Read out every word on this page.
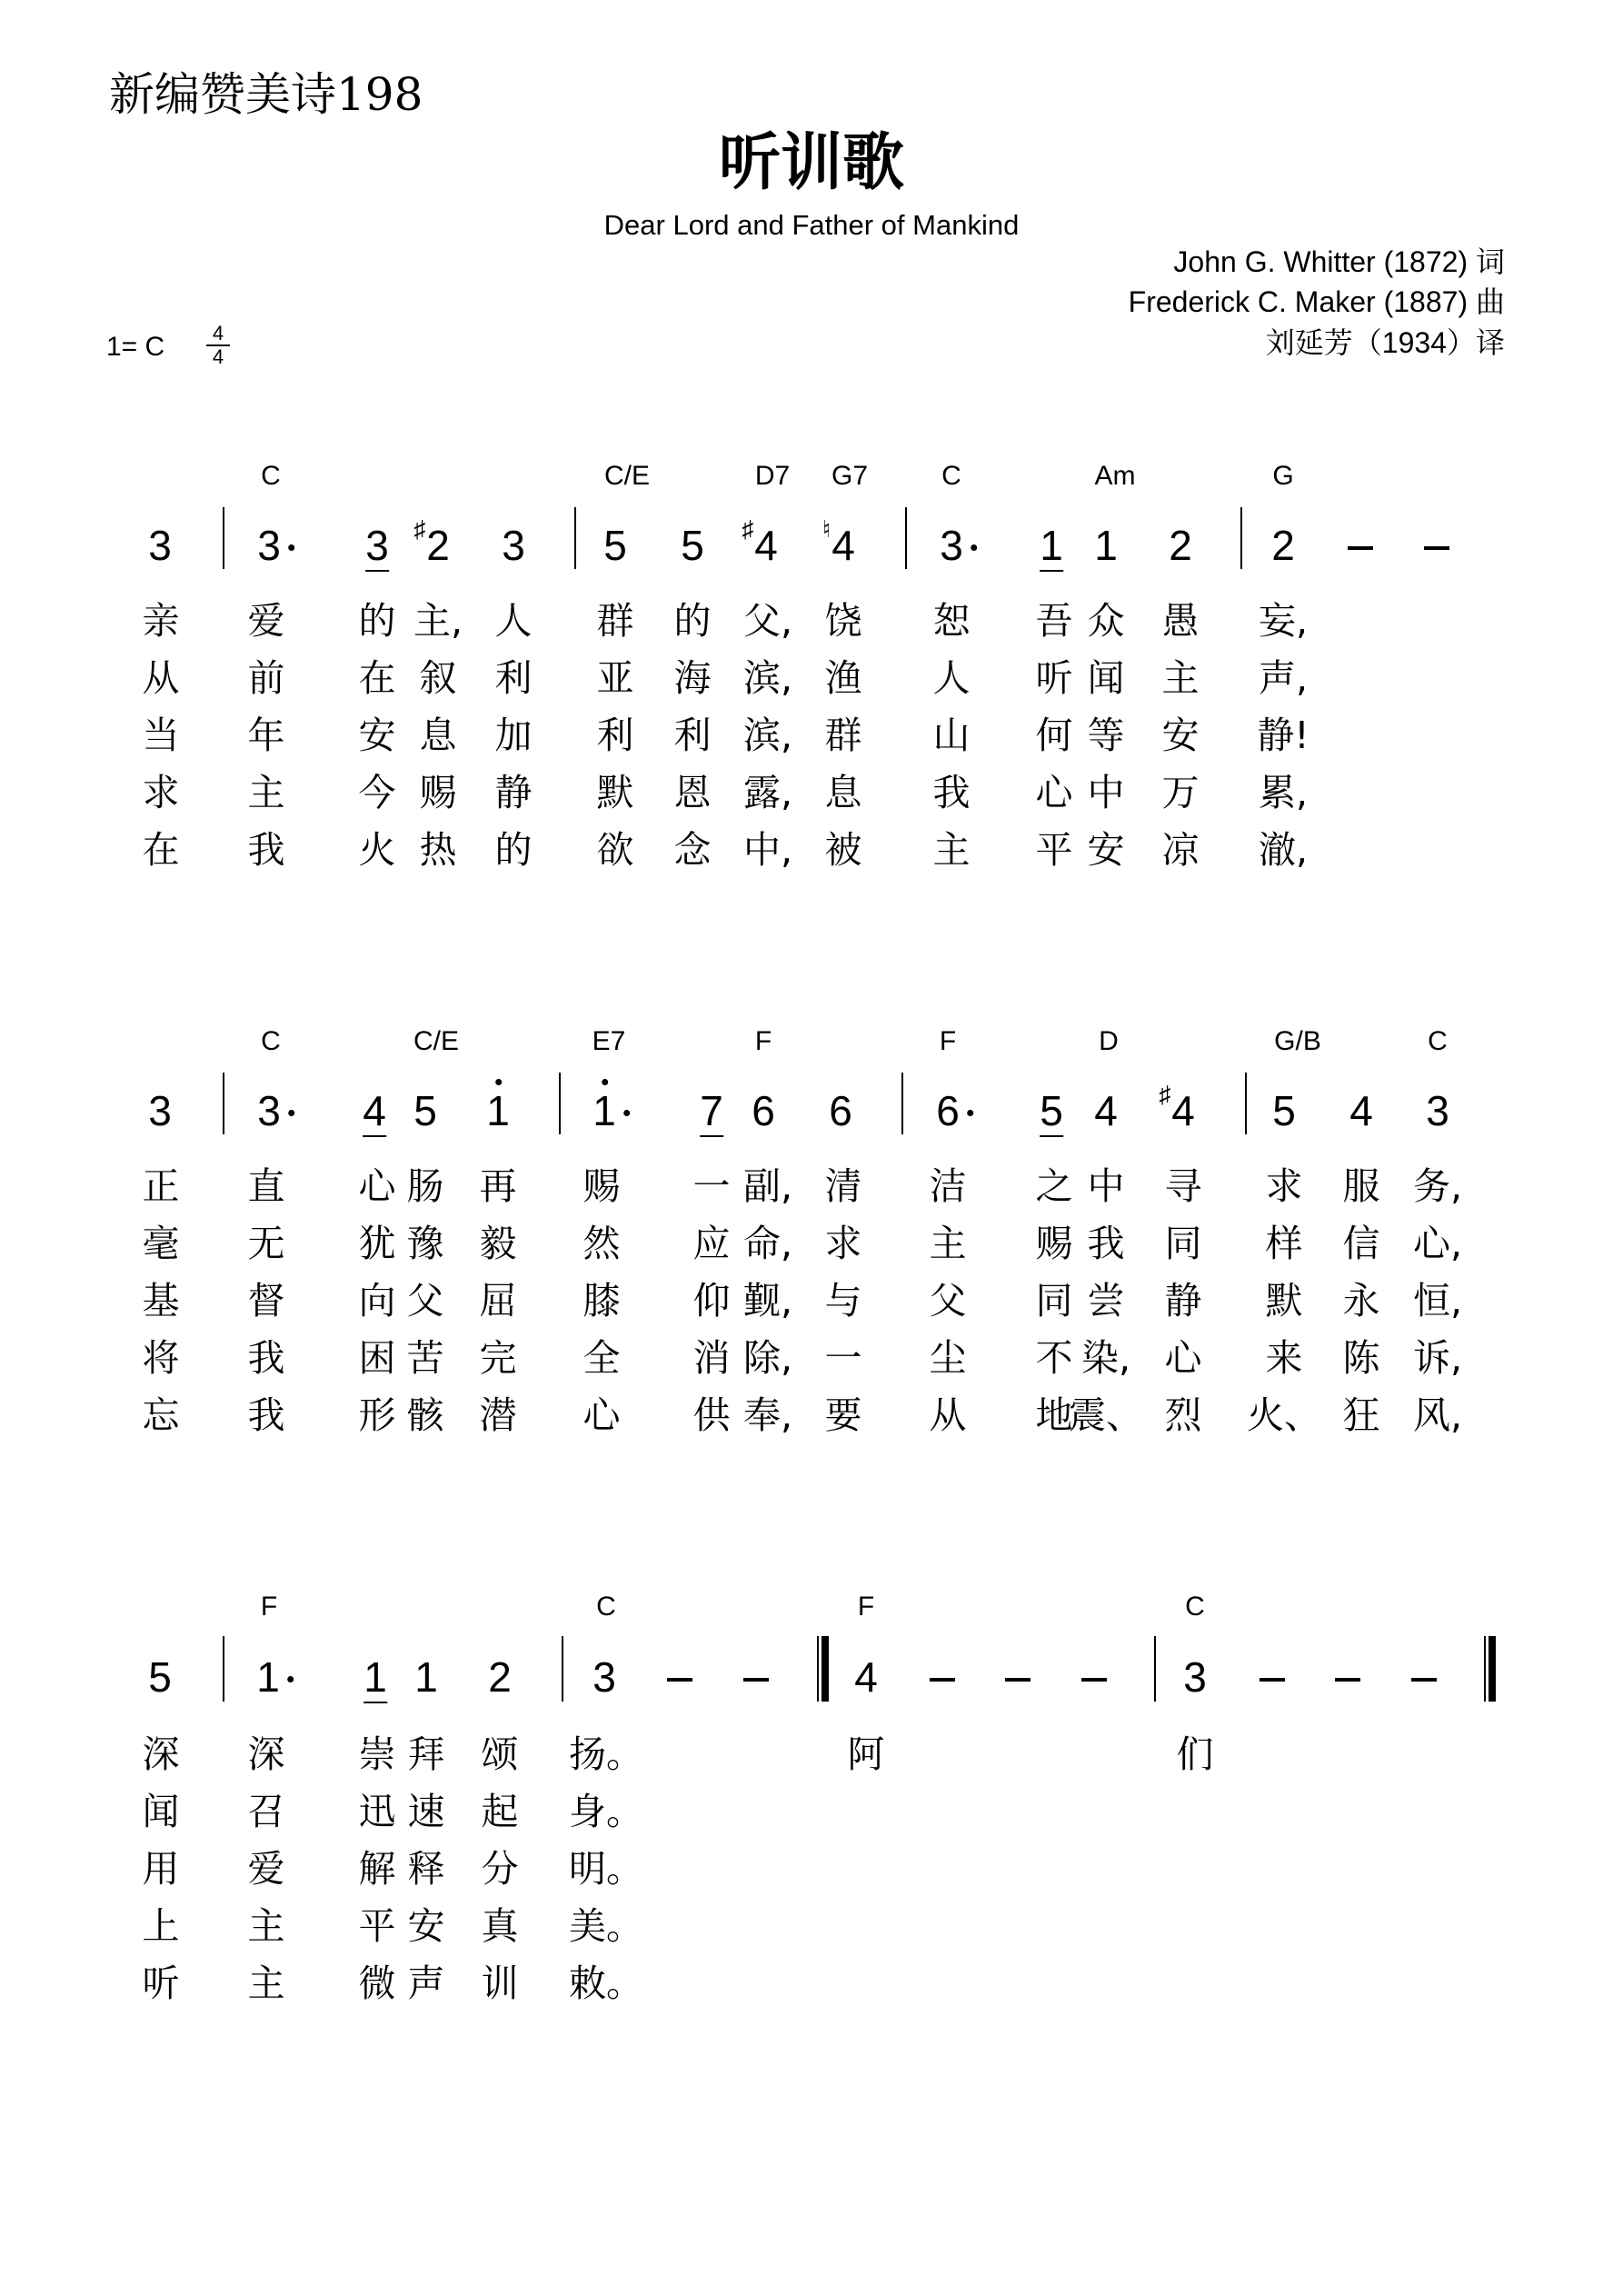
新编赞美诗198
听训歌
Dear Lord and Father of Mankind
John G. Whitter (1872) 词
Frederick C. Maker (1887) 曲
刘延芳（1934）译
1= C	4
4
C	C/E	D7 G7	C	Am	G
3 3 3 2
♯ 3 5 5 4
♯ 4
♮	3 1 1 2 2
亲 爱 的 主, 人 群 的 父, 饶 恕 吾 众 愚 妄,
从 前 在 叙 利 亚 海 滨, 渔 人 听 闻 主 声,
当 年 安 息 加 利 利 滨, 群 山 何 等 安 静!
求 主 今 赐 静 默 恩 露, 息 我 心 中 万 累,
在 我 火 热 的 欲 念 中, 被 主 平 安 凉 澈,
C	C/E	E7	F	F	D	G/B	C
3 3 4 5 1 1 7 6 6 6 5 4 4
♯ 5 4 3
正 直 心 肠 再 赐 一 副, 清 洁 之 中 寻 求 服 务,
毫 无 犹 豫 毅 然 应 命, 求 主 赐 我 同 样 信 心,
基 督 向 父 屈 膝 仰 觐, 与 父 同 尝 静 默 永 恒,
将 我 困 苦 完 全 消 除, 一 尘 不 染, 心 来 陈 诉,
忘 我 形 骸 潜 心 供 奉, 要 从 地
震、 烈 火、 狂 风,
F	C	F	C
5 1 1 1 2 3	4	3
深 深 崇 拜 颂 扬。
闻 召 迅 速 起 身。
用 爱 解 释 分 明。
上 主 平 安 真 美。
听 主 微 声 训 敕。
阿	们
